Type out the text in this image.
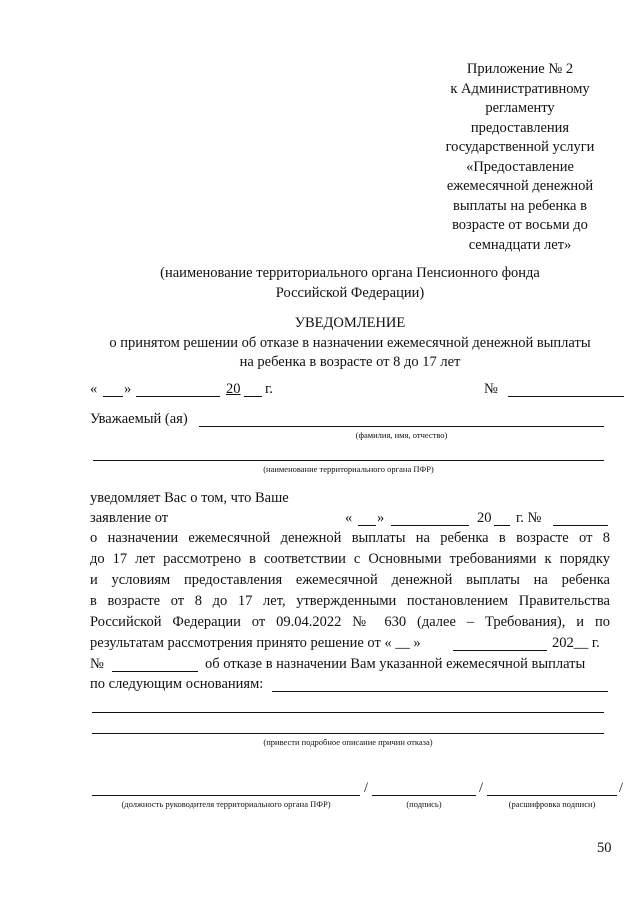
Приложение № 2
к Административному
регламенту
предоставления
государственной услуги
«Предоставление
ежемесячной денежной
выплаты на ребенка в
возрасте от восьми до
семнадцати лет»
(наименование территориального органа Пенсионного фонда
Российской Федерации)
УВЕДОМЛЕНИЕ
о принятом решении об отказе в назначении ежемесячной денежной выплаты
на ребенка в возрасте от 8 до 17 лет
« »	20 г.	№
Уважаемый (ая)
(фамилия, имя, отчество)
(наименование территориального органа ПФР)
уведомляет Вас о том, что Ваше
заявление от	« »	20 г. №
о назначении ежемесячной денежной выплаты на ребенка в возрасте от 8
до 17 лет рассмотрено в соответствии с Основными требованиями к порядку
и условиям предоставления ежемесячной денежной выплаты на ребенка
в возрасте от 8 до 17 лет, утвержденными постановлением Правительства
Российской Федерации от 09.04.2022 № 630 (далее – Требования), и по
результатам рассмотрения принято решение от « __ »	202__ г.
№	об отказе в назначении Вам указанной ежемесячной выплаты
по следующим основаниям:
(привести подробное описание причин отказа)
/	/	/
(должность руководителя территориального органа ПФР)	(подпись)	(расшифровка подписи)
50
